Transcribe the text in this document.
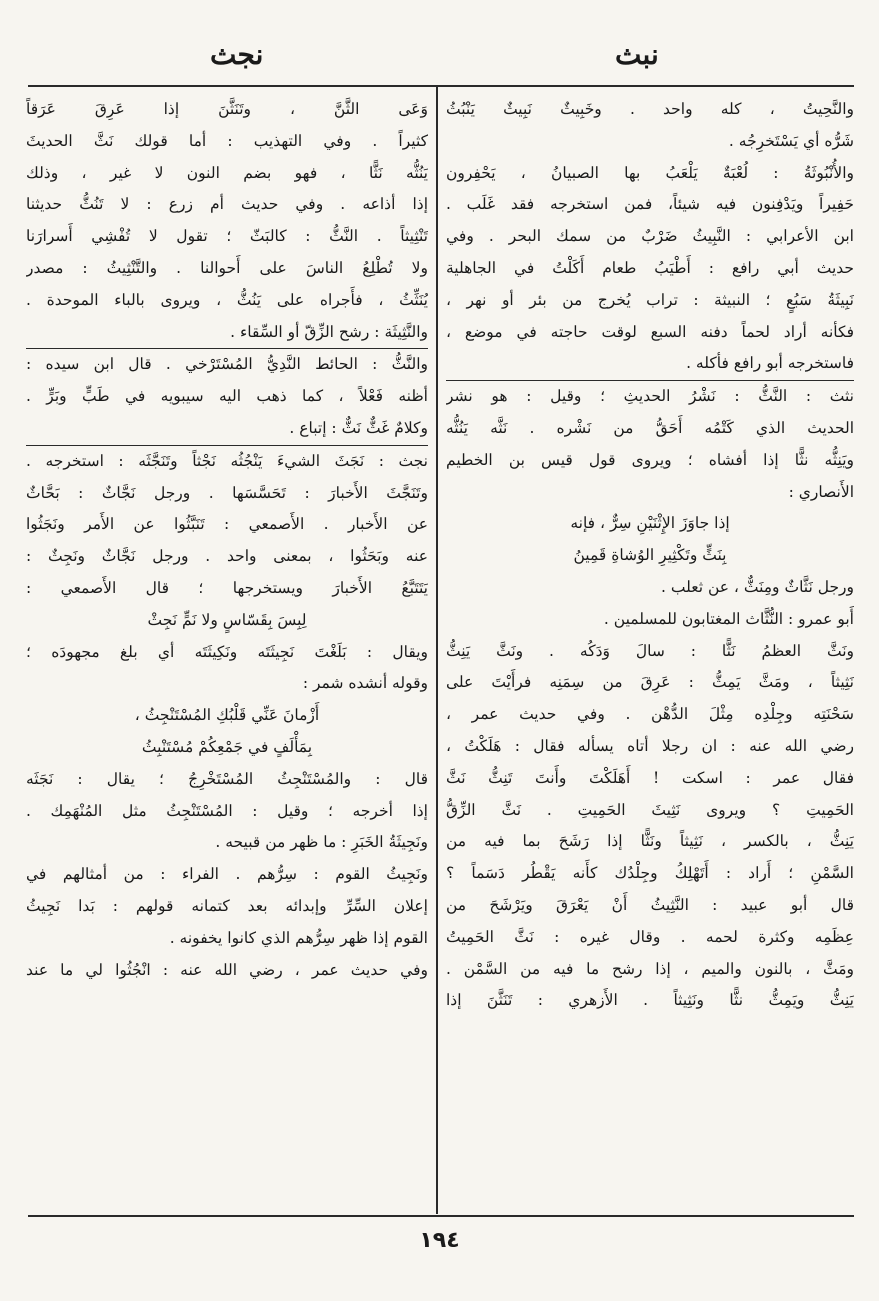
نبث
نجث
والنَّحِيتُ ، كله واحد . وخَبِيثٌ نَبِيثٌ يَنْبُثُ
شَرُّه أي يَسْتَخرِجُه .
والأُنْبُوثَةُ : لُعْبَةٌ يَلْعَبُ بها الصبيانُ ، يَحْفِرون
حَفِيراً ويَدْفِنون فيه شيئاً، فمن استخرجه فقد غَلَب .
ابن الأعرابي : النَّبِيثُ ضَرْبٌ من سمك البحر . وفي
حديث أبي رافع : أَطْيَبُ طعام أَكَلْتُ في الجاهلية
نَبِيثَةُ سَبُعٍ ؛ النبيثة : تراب يُخرج من بئر أو نهر ،
فكأنه أراد لحماً دفنه السبع لوقت حاجته في موضع ،
فاستخرجه أبو رافع فأكله .
نثث : النَّثُّ : نَشْرُ الحديثِ ؛ وقيل : هو نشر
الحديث الذي كَتْمُه أَحَقُّ من نَشْره . نَثَّه يَنُثُّه
ويَنِثُّه نثًّا إذا أفشاه ؛ ويروى قول قيس بن الخطيم
الأَنصاري :
إذا جاوَزَ الإِثْنَيْنِ سِرٌّ ، فإنه
بِنَثٍّ وتَكْثِيرِ الوُشاةِ قَمِينُ
ورجل نَثَّاثٌ ومِنَثٌّ ، عن ثعلب .
أَبو عمرو : النُّثَّاث المغتابون للمسلمين .
ونَثَّ العظمُ نَثًّا : سالَ وَدَكُه . ونَثَّ يَنِثُّ
نَثِيثاً ، ومَثَّ يَمِثُّ : عَرِقَ من سِمَنِه فرأَيْتَ على
سَحْنَتِه وجِلْدِه مِثْلَ الدُّهْن . وفي حديث عمر ،
رضي الله عنه : ان رجلا أتاه يسأله فقال : هَلَكْتُ ،
فقال عمر : اسكت ! أَهَلَكْتَ وأَنتَ تَنِثُّ نَثَّ
الحَمِيتِ ؟ ويروى نَثِيثَ الحَمِيتِ . نَثَّ الزِّقُّ
يَنِثُّ ، بالكسر ، نَثِيثاً ونَثًّا إذا رَشَحَ بما فيه من
السَّمْنِ ؛ أَراد : أَتَهْلِكُ وجِلْدُك كأَنه يَقْطُر دَسَماً ؟
قال أبو عبيد : النَّثِيثُ أَنْ يَعْرَقَ ويَرْشَحَ من
عِظَمِه وكثرة لحمه . وقال غيره : نَثَّ الحَمِيتُ
ومَثَّ ، بالنون والميم ، إذا رشح ما فيه من السَّمْن .
يَنِثُّ ويَمِثُّ نثًّا ونَثِيثاً . الأَزهري : تَنَثَّنَ إذا
وَعَى الثَّنَّ ، وتَنَثَّنَ إذا عَرِقَ عَرَقاً
كثيراً . وفي التهذيب : أما قولك نَثَّ الحديثَ
يَنُثُّه نَثًّا ، فهو بضم النون لا غير ، وذلك
إذا أذاعه . وفي حديث أم زرع : لا تَنُثُّ حديثنا
تَنْثِيثاً . النَّثُّ : كالبَثّ ؛ تقول لا تُفْشِي أَسرارَنا
ولا تُطْلِعُ الناسَ على أَحوالنا . والتَّنْثِيثُ : مصدر
يُنَثِّثُ ، فأَجراه على يَنُثُّ ، ويروى بالباء الموحدة .
والنَّثِيثَة : رشح الزِّقّ أو السِّقاء .
والنَّثُّ : الحائط النَّدِيُّ المُسْتَرْخي . قال ابن سيده :
أظنه فَعْلاً ، كما ذهب اليه سيبويه في طَبٍّ وبَرٍّ .
وكلامٌ غَثٌّ نَثٌّ : إتباع .
نجث : نَجَثَ الشيءَ يَنْجُثُه نَجْثاً وتَنَجَّثَه : استخرجه .
وتَنَجَّثَ الأَخبارَ : تَحَسَّسَها . ورجل نَجَّاثٌ : بَحَّاثٌ
عن الأَخبار . الأَصمعي : تَنَبَّثُوا عن الأَمر ونَجَثُوا
عنه وبَحَثُوا ، بمعنى واحد . ورجل نَجَّاثٌ ونَجِثٌ :
يَتَتَبَّعُ الأَخبارَ ويستخرجها ؛ قال الأَصمعي :
لِبِسَ بِقَسّاسٍ ولا نَمٍّ نَجِثْ
ويقال : بَلَغْتَ نَجِيثَتَه ونَكِيثَتَه أي بلغ مجهودَه ؛
وقوله أنشده شمر :
أَزْمانَ عَنِّي قَلْبُكِ المُسْتَنْجِثُ ،
بِمَأْلَفٍ في جَمْعِكُمْ مُسْتَنْبِثُ
قال : والمُسْتَنْجِثُ المُسْتَخْرِجُ ؛ يقال : نَجَثَه
إذا أخرجه ؛ وقيل : المُسْتَنْجِثُ مثل المُنْهَمِك .
ونَجِيثَةُ الخَبَرِ : ما ظهر من قبيحه .
ونَجِيثُ القوم : سِرُّهم . الفراء : من أمثالهم في
إعلان السِّرِّ وإبدائه بعد كتمانه قولهم : بَدا نَجِيثُ
القوم إذا ظهر سِرُّهم الذي كانوا يخفونه .
وفي حديث عمر ، رضي الله عنه : انْجُثُوا لي ما عند
١٩٤
